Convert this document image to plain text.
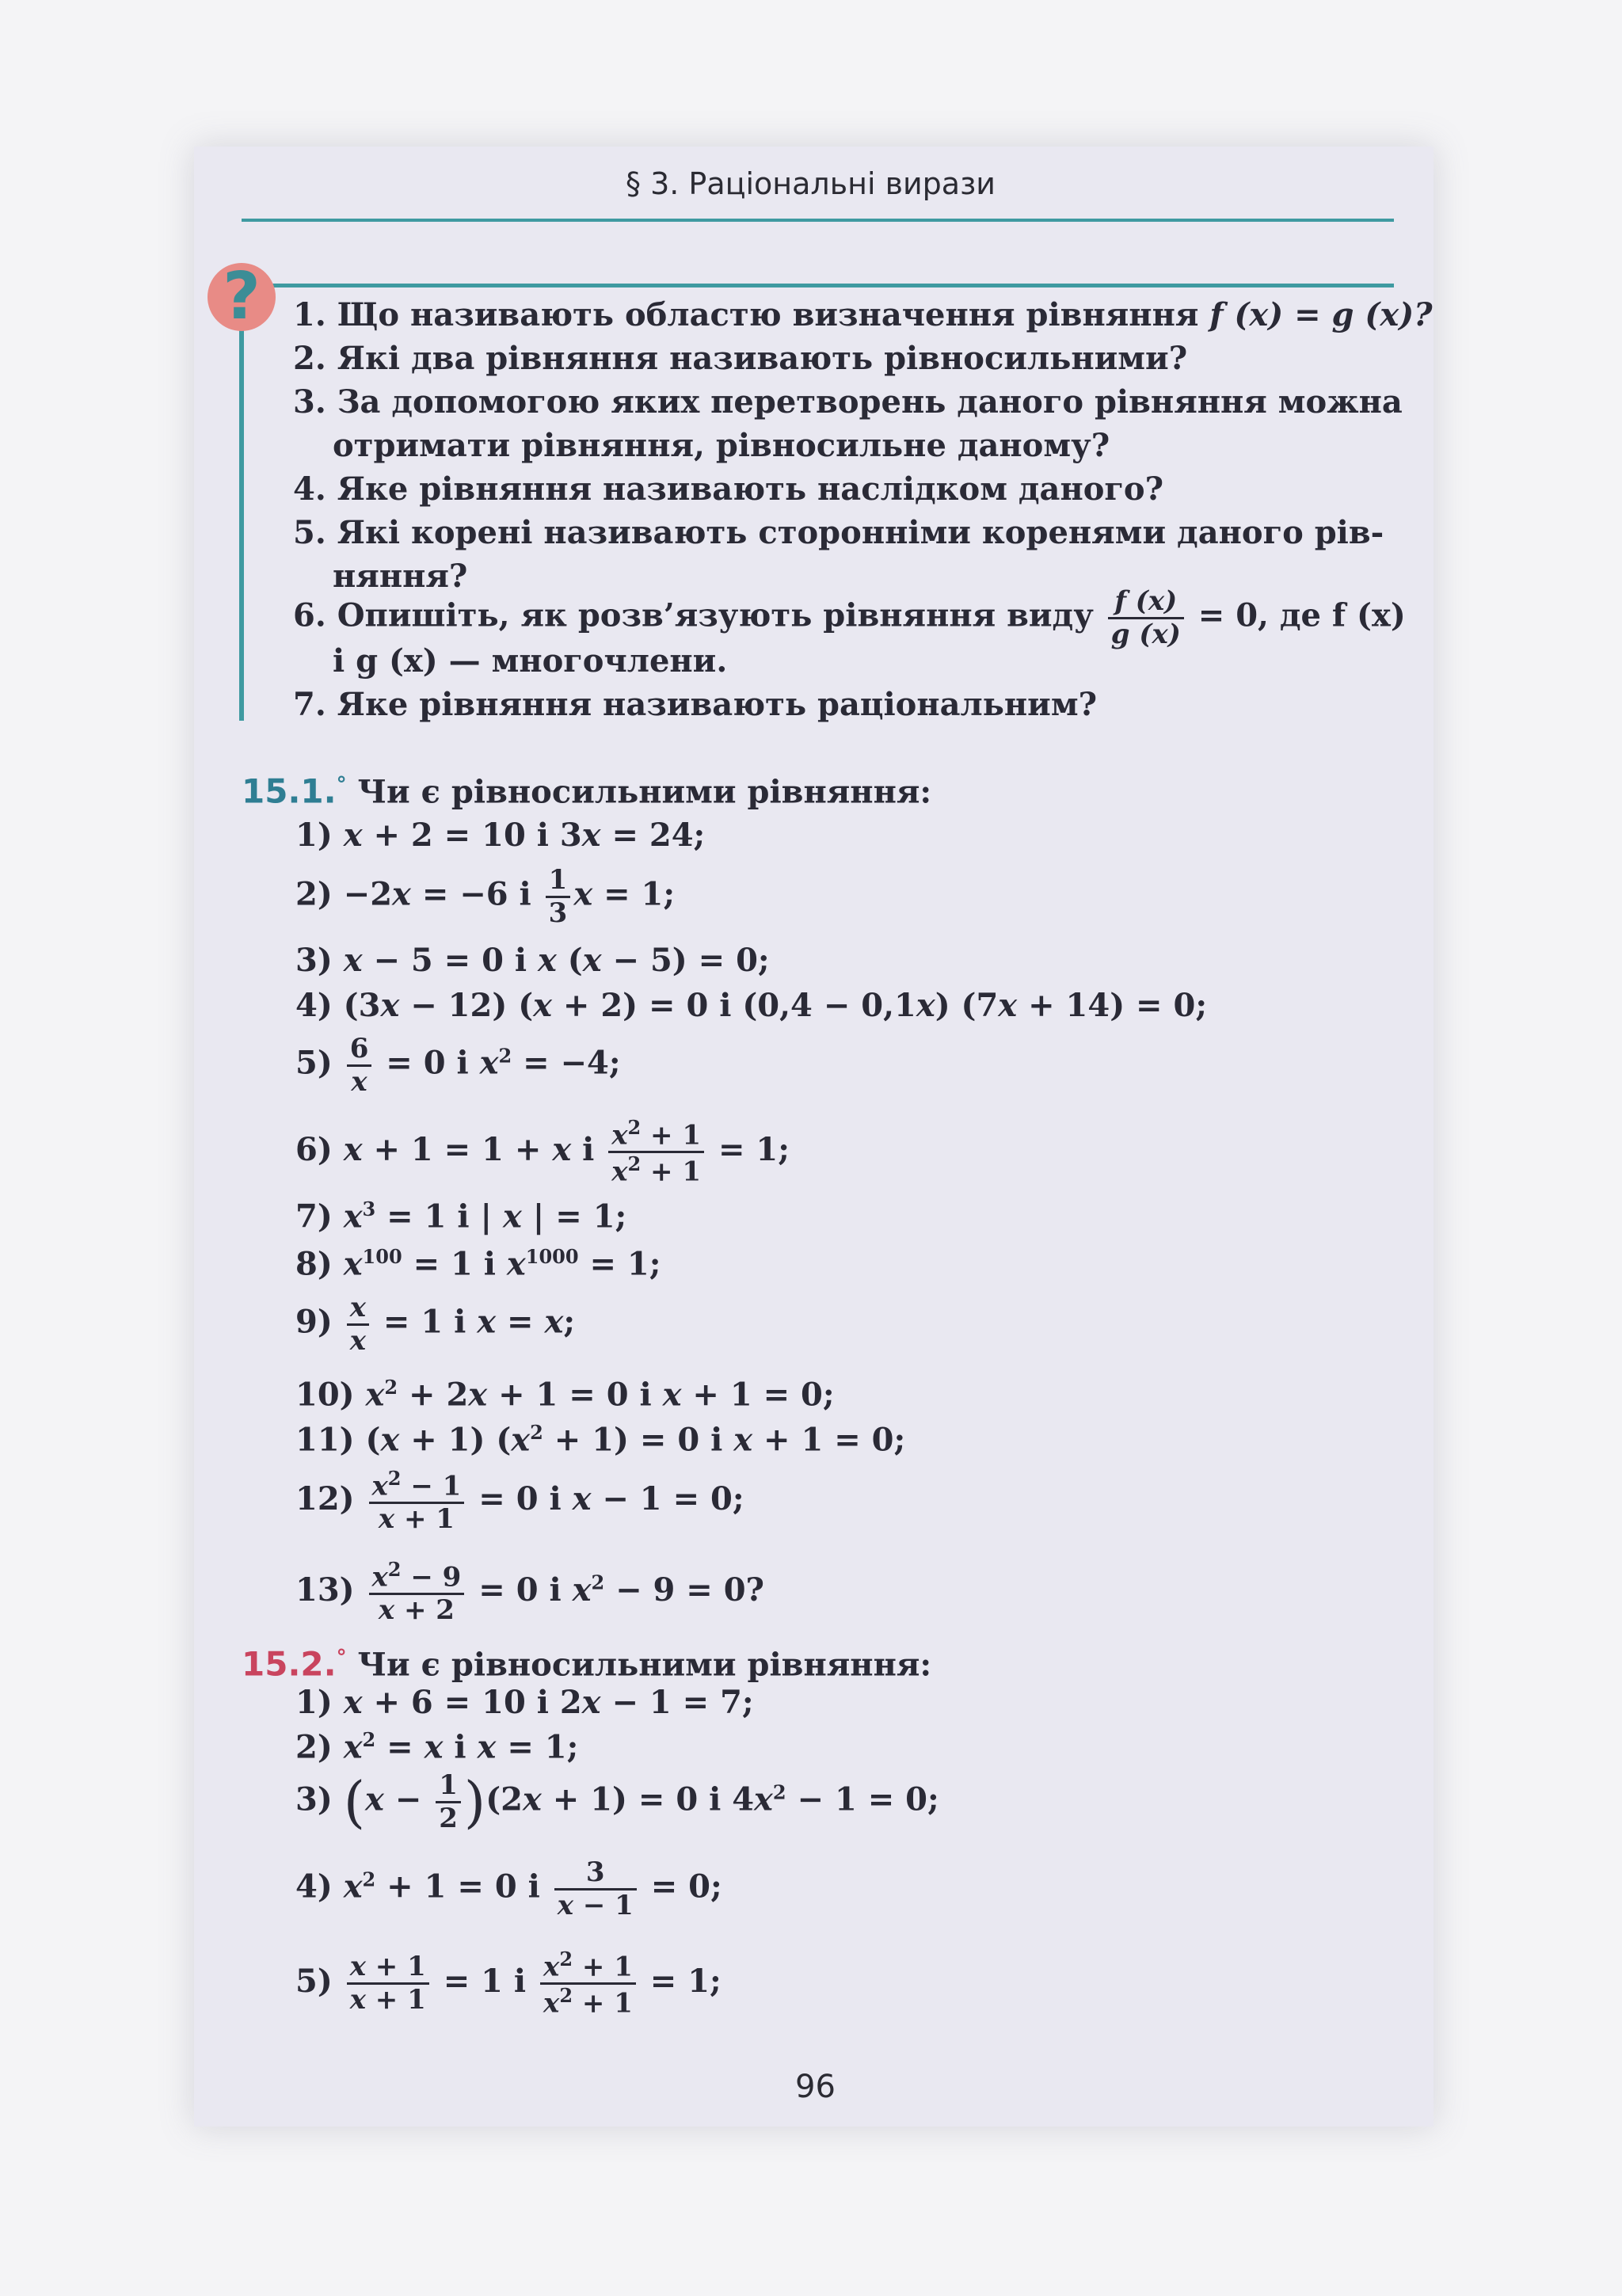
§ 3. Раціональні вирази
?	1. Що називають областю визначення рівняння f (x) = g (x)?
2. Які два рівняння називають рівносильними?
3. За допомогою яких перетворень даного рівняння можна
отримати рівняння, рівносильне даному?
4. Яке рівняння називають наслідком даного?
5. Які корені називають сторонніми коренями даного рів-
няння?
6. Опишіть, як розв’язують рівняння виду $\frac{f (x)}{g (x)} = 0$, де f (x)
і g (x) — многочлени.
7. Яке рівняння називають раціональним?
15.1.° Чи є рівносильними рівняння:
1) x + 2 = 10 і 3x = 24;
2) −2x = −6 і $\frac{1}{3}$ x = 1;
3) x − 5 = 0 і x (x − 5) = 0;
4) (3x − 12) (x + 2) = 0 і (0,4 − 0,1x) (7x + 14) = 0;
$5) \frac{6}{x} = 0$ і $x^2 = -4$;
6) x + 1 = 1 + x і $\frac{x^2 + 1}{x^2 + 1} = 1$;
7) $x^3 = 1$ і | x | = 1;
8) $x^{100} = 1$ і $x^{1000} = 1$;
$9) \frac{x}{x} = 1$ і x = x;
10) $x^2 + 2x + 1 = 0$ і x + 1 = 0;
11) (x + 1) $(x^2 + 1) = 0$ і x + 1 = 0;
$12) \frac{x^2 - 1}{x + 1} = 0$ і x − 1 = 0;
$13) \frac{x^2 - 9}{x + 2} = 0$ і $x^2 - 9 = 0$?
15.2.° Чи є рівносильними рівняння:
1) x + 6 = 10 і 2x − 1 = 7;
2) $x^2 = x$ і x = 1;
3) $(x - \frac{1}{2} )(2x + 1) = 0$ і $4x^2 - 1 = 0$;
4) $x^2 + 1 = 0$ і $\frac{3}{x - 1} = 0$;
$5) \frac{x + 1}{x + 1} = 1$ і $\frac{x^2 + 1}{x^2 + 1} = 1$;
96
